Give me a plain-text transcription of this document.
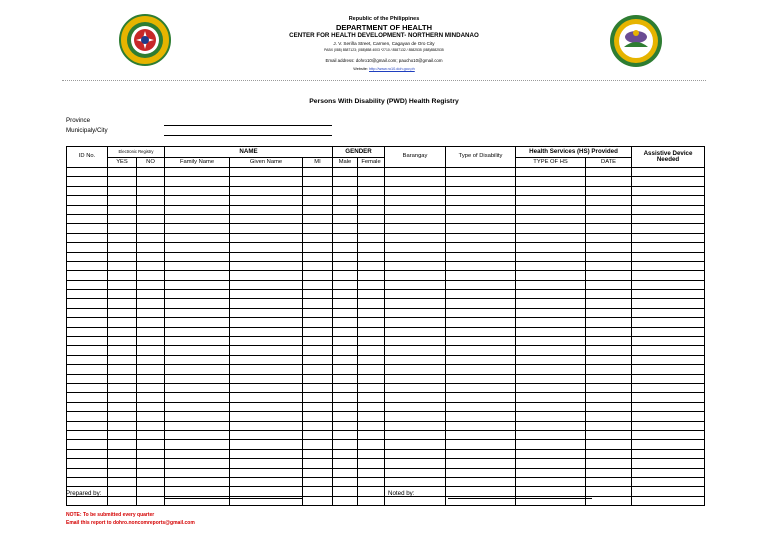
Republic of the Philippines
DEPARTMENT OF HEALTH
CENTER FOR HEALTH DEVELOPMENT- NORTHERN MINDANAO
J. V. Seriña Street, Carmen, Cagayan de Oro City
PABX (088) 8587123; (088)858 4003 *2710 / 8587132 / 8582535 (088)8582535
Email address: dohro10@gmail.com; paucho10@gmail.com
Website: http://www.ro10.doh.gov.ph
Persons With Disability (PWD) Health Registry
Province
Municipaly/City
ID No.	Electronic Registry		NAME			GENDER		Barangay	Type of Disability	Health Services (HS) Provided		Assistive Device
Needed
	YES	NO	Family Name	Given Name	MI	Male	Female			TYPE OF HS	DATE	

Prepared by:	Noted by:
NOTE: To be submitted every quarter
Email this report to dohro.noncomreports@gmail.com
